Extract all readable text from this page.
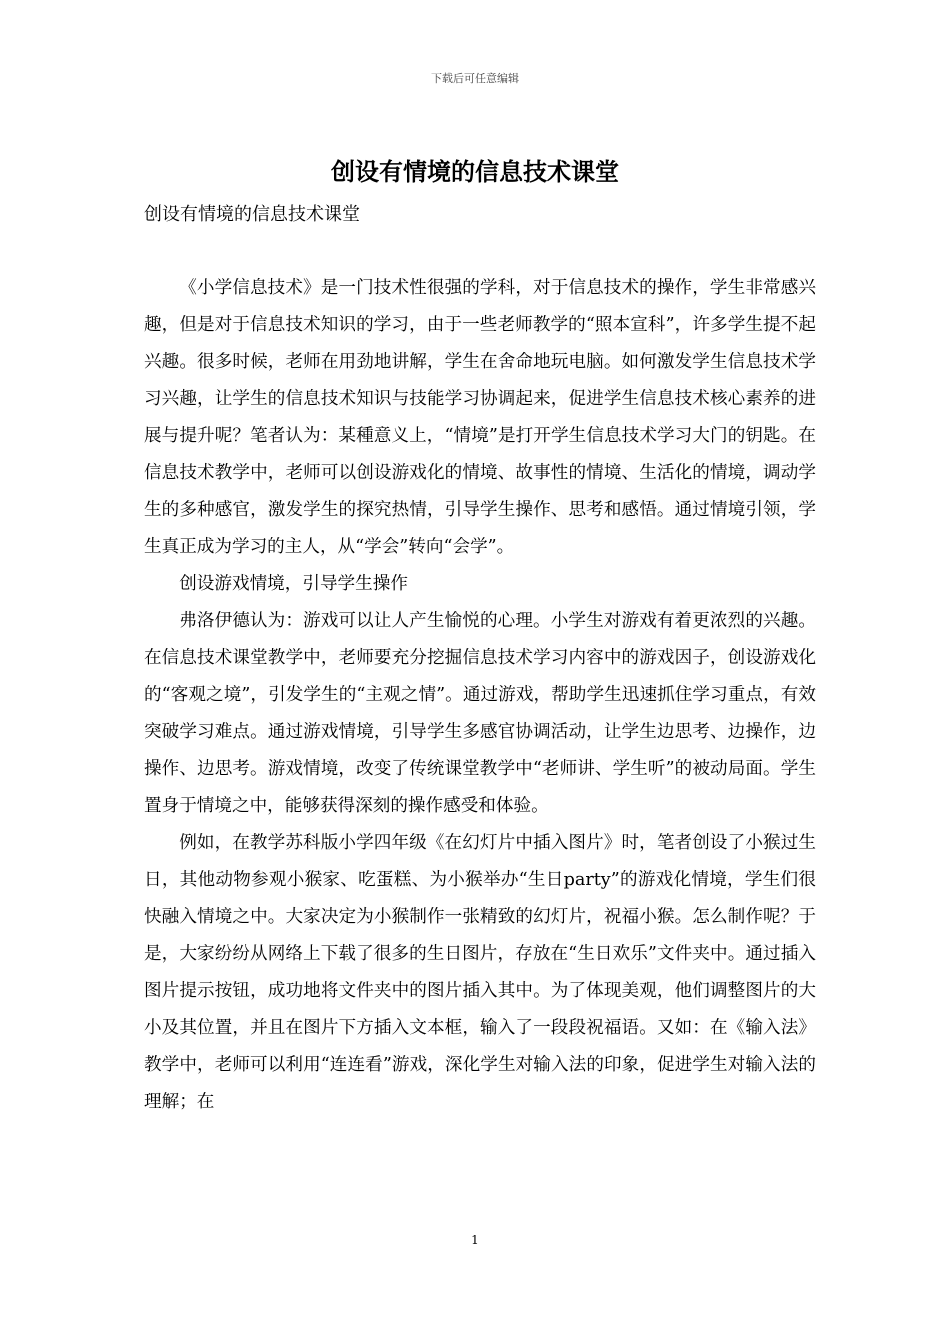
下载后可任意编辑
创设有情境的信息技术课堂
创设有情境的信息技术课堂

《小学信息技术》是一门技术性很强的学科，对于信息技术的操作，学生非常感兴趣，但是对于信息技术知识的学习，由于一些老师教学的“照本宣科”，许多学生提不起兴趣。很多时候，老师在用劲地讲解，学生在舍命地玩电脑。如何激发学生信息技术学习兴趣，让学生的信息技术知识与技能学习协调起来，促进学生信息技术核心素养的进展与提升呢？笔者认为：某種意义上，“情境”是打开学生信息技术学习大门的钥匙。在信息技术教学中，老师可以创设游戏化的情境、故事性的情境、生活化的情境，调动学生的多种感官，激发学生的探究热情，引导学生操作、思考和感悟。通过情境引领，学生真正成为学习的主人，从“学会”转向“会学”。

创设游戏情境，引导学生操作

弗洛伊德认为：游戏可以让人产生愉悦的心理。小学生对游戏有着更浓烈的兴趣。在信息技术课堂教学中，老师要充分挖掘信息技术学习内容中的游戏因子，创设游戏化的“客观之境”，引发学生的“主观之情”。通过游戏，帮助学生迅速抓住学习重点，有效突破学习难点。通过游戏情境，引导学生多感官协调活动，让学生边思考、边操作，边操作、边思考。游戏情境，改变了传统课堂教学中“老师讲、学生听”的被动局面。学生置身于情境之中，能够获得深刻的操作感受和体验。

例如，在教学苏科版小学四年级《在幻灯片中插入图片》时，笔者创设了小猴过生日，其他动物参观小猴家、吃蛋糕、为小猴举办“生日party”的游戏化情境，学生们很快融入情境之中。大家决定为小猴制作一张精致的幻灯片，祝福小猴。怎么制作呢？于是，大家纷纷从网络上下载了很多的生日图片，存放在“生日欢乐”文件夹中。通过插入图片提示按钮，成功地将文件夹中的图片插入其中。为了体现美观，他们调整图片的大小及其位置，并且在图片下方插入文本框，输入了一段段祝福语。又如：在《输入法》教学中，老师可以利用“连连看”游戏，深化学生对输入法的印象，促进学生对输入法的理解；在

1
